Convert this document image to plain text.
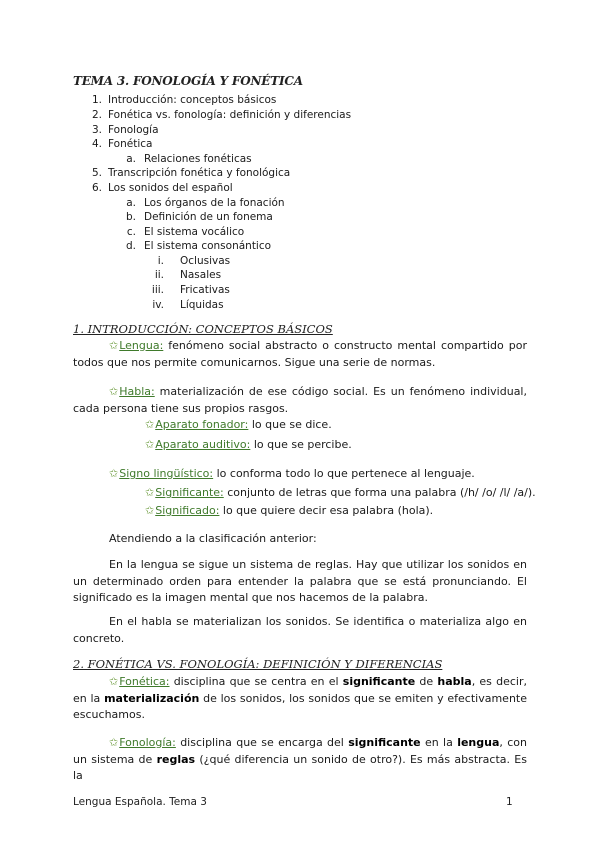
TEMA 3. FONOLOGÍA Y FONÉTICA
1. Introducción: conceptos básicos
2. Fonética vs. fonología: definición y diferencias
3. Fonología
4. Fonética
a. Relaciones fonéticas
5. Transcripción fonética y fonológica
6. Los sonidos del español
a. Los órganos de la fonación
b. Definición de un fonema
c. El sistema vocálico
d. El sistema consonántico
i. Oclusivas
ii. Nasales
iii. Fricativas
iv. Líquidas
1. INTRODUCCIÓN: CONCEPTOS BÁSICOS
✩Lengua: fenómeno social abstracto o constructo mental compartido por todos que nos permite comunicarnos. Sigue una serie de normas.
✩Habla: materialización de ese código social. Es un fenómeno individual, cada persona tiene sus propios rasgos.
✩Aparato fonador: lo que se dice.
✩Aparato auditivo: lo que se percibe.
✩Signo lingüístico: lo conforma todo lo que pertenece al lenguaje.
✩Significante: conjunto de letras que forma una palabra (/h/ /o/ /l/ /a/).
✩Significado: lo que quiere decir esa palabra (hola).
Atendiendo a la clasificación anterior:
En la lengua se sigue un sistema de reglas. Hay que utilizar los sonidos en un determinado orden para entender la palabra que se está pronunciando. El significado es la imagen mental que nos hacemos de la palabra.
En el habla se materializan los sonidos. Se identifica o materializa algo en concreto.
2. FONÉTICA VS. FONOLOGÍA: DEFINICIÓN Y DIFERENCIAS
✩Fonética: disciplina que se centra en el significante de habla, es decir, en la materialización de los sonidos, los sonidos que se emiten y efectivamente escuchamos.
✩Fonología: disciplina que se encarga del significante en la lengua, con un sistema de reglas (¿qué diferencia un sonido de otro?). Es más abstracta. Es la
Lengua Española. Tema 3	1
